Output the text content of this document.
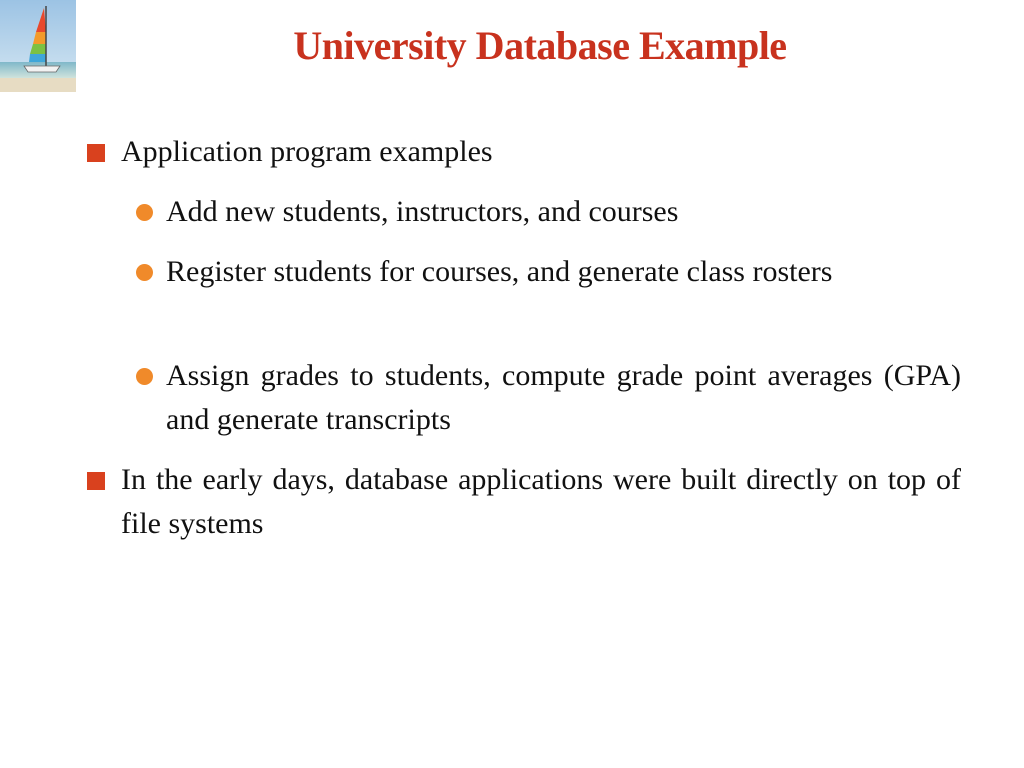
University Database Example
Application program examples
Add new students, instructors, and courses
Register students for courses, and generate class rosters
Assign grades to students, compute grade point averages (GPA) and generate transcripts
In the early days, database applications were built directly on top of file systems
